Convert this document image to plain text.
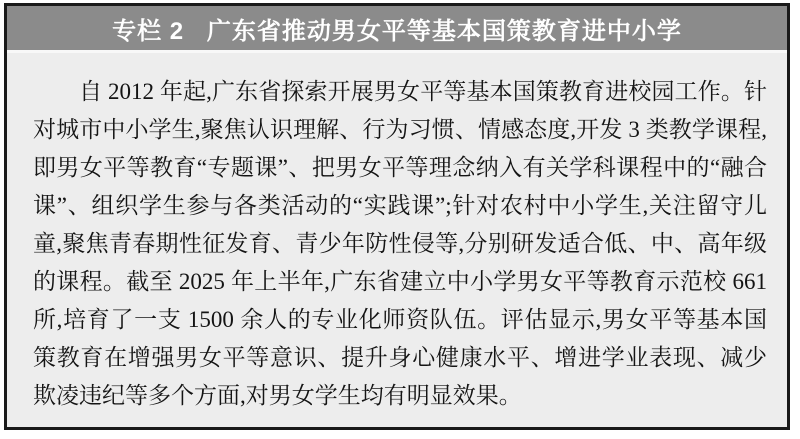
专栏 2 广东省推动男女平等基本国策教育进中小学

自 2012 年起,广东省探索开展男女平等基本国策教育进校园工作。针对城市中小学生,聚焦认识理解、行为习惯、情感态度,开发 3 类教学课程,即男女平等教育“专题课”、把男女平等理念纳入有关学科课程中的“融合课”、组织学生参与各类活动的“实践课”;针对农村中小学生,关注留守儿童,聚焦青春期性征发育、青少年防性侵等,分别研发适合低、中、高年级的课程。截至 2025 年上半年,广东省建立中小学男女平等教育示范校 661 所,培育了一支 1500 余人的专业化师资队伍。评估显示,男女平等基本国策教育在增强男女平等意识、提升身心健康水平、增进学业表现、减少欺凌违纪等多个方面,对男女学生均有明显效果。
